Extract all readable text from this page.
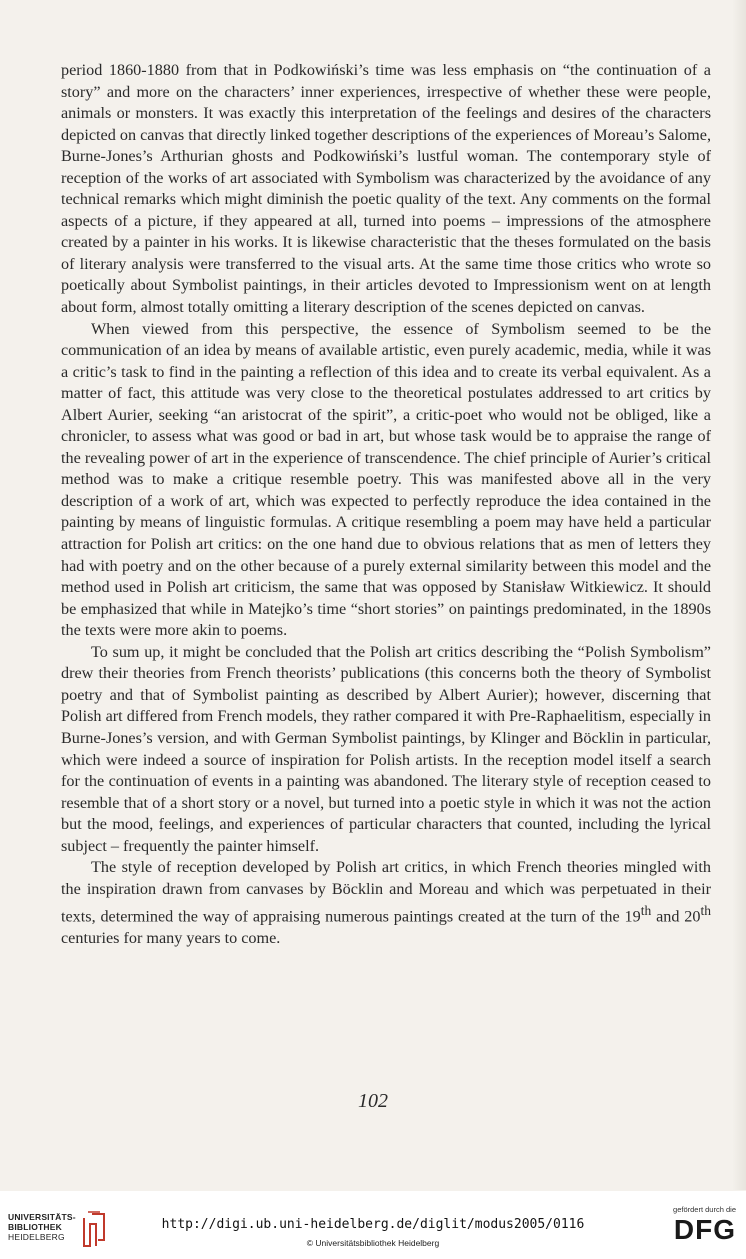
period 1860-1880 from that in Podkowiński’s time was less emphasis on “the continuation of a story” and more on the characters’ inner experiences, irrespective of whether these were people, animals or monsters. It was exactly this interpretation of the feelings and desires of the characters depicted on canvas that directly linked together descriptions of the experiences of Moreau’s Salome, Burne-Jones’s Arthurian ghosts and Podkowiński’s lustful woman. The contemporary style of reception of the works of art associated with Symbolism was characterized by the avoidance of any technical remarks which might diminish the poetic quality of the text. Any comments on the formal aspects of a picture, if they appeared at all, turned into poems – impressions of the atmosphere created by a painter in his works. It is likewise characteristic that the theses formulated on the basis of literary analysis were transferred to the visual arts. At the same time those critics who wrote so poetically about Symbolist paintings, in their articles devoted to Impressionism went on at length about form, almost totally omitting a literary description of the scenes depicted on canvas.

When viewed from this perspective, the essence of Symbolism seemed to be the communication of an idea by means of available artistic, even purely academic, media, while it was a critic’s task to find in the painting a reflection of this idea and to create its verbal equivalent. As a matter of fact, this attitude was very close to the theoretical postulates addressed to art critics by Albert Aurier, seeking “an aristocrat of the spirit”, a critic-poet who would not be obliged, like a chronicler, to assess what was good or bad in art, but whose task would be to appraise the range of the revealing power of art in the experience of transcendence. The chief principle of Aurier’s critical method was to make a critique resemble poetry. This was manifested above all in the very description of a work of art, which was expected to perfectly reproduce the idea contained in the painting by means of linguistic formulas. A critique resembling a poem may have held a particular attraction for Polish art critics: on the one hand due to obvious relations that as men of letters they had with poetry and on the other because of a purely external similarity between this model and the method used in Polish art criticism, the same that was opposed by Stanisław Witkiewicz. It should be emphasized that while in Matejko’s time “short stories” on paintings predominated, in the 1890s the texts were more akin to poems.

To sum up, it might be concluded that the Polish art critics describing the “Polish Symbolism” drew their theories from French theorists’ publications (this concerns both the theory of Symbolist poetry and that of Symbolist painting as described by Albert Aurier); however, discerning that Polish art differed from French models, they rather compared it with Pre-Raphaelitism, especially in Burne-Jones’s version, and with German Symbolist paintings, by Klinger and Böcklin in particular, which were indeed a source of inspiration for Polish artists. In the reception model itself a search for the continuation of events in a painting was abandoned. The literary style of reception ceased to resemble that of a short story or a novel, but turned into a poetic style in which it was not the action but the mood, feelings, and experiences of particular characters that counted, including the lyrical subject – frequently the painter himself.

The style of reception developed by Polish art critics, in which French theories mingled with the inspiration drawn from canvases by Böcklin and Moreau and which was perpetuated in their texts, determined the way of appraising numerous paintings created at the turn of the 19th and 20th centuries for many years to come.

102
UNIVERSITÄTS-
BIBLIOTHEK
HEIDELBERG
http://digi.ub.uni-heidelberg.de/diglit/modus2005/0116
© Universitätsbibliothek Heidelberg
gefördert durch die
DFG
